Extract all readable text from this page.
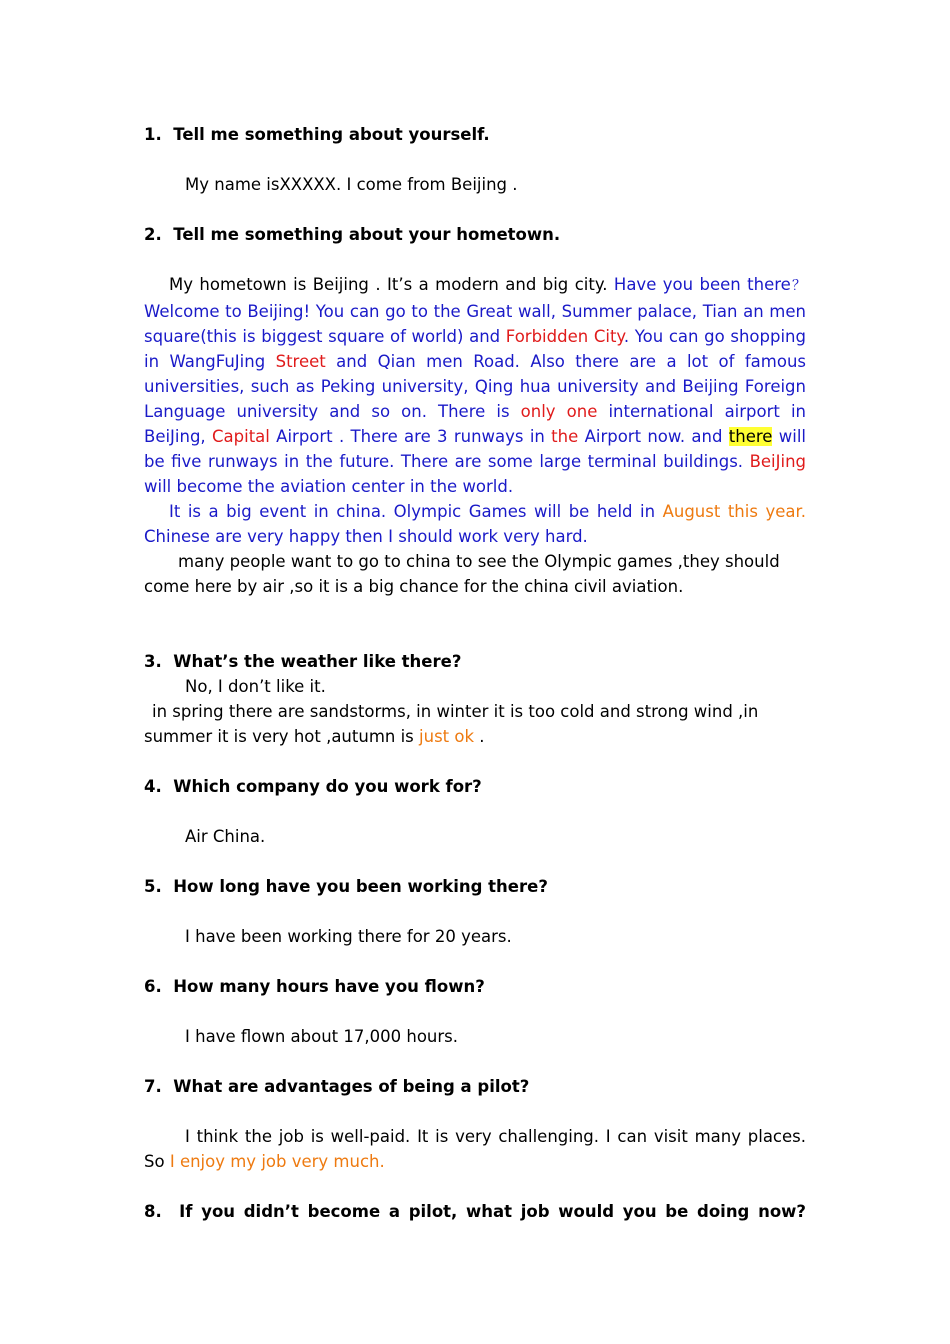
1. Tell me something about yourself.

My name isXXXXX. I come from Beijing .

2. Tell me something about your hometown.

My hometown is Beijing . It’s a modern and big city. Have you been there？Welcome to Beijing! You can go to the Great wall, Summer palace, Tian an men square(this is biggest square of world) and Forbidden City. You can go shopping in WangFuJing Street and Qian men Road. Also there are a lot of famous universities, such as Peking university, Qing hua university and Beijing Foreign Language university and so on. There is only one international airport in BeiJing, Capital Airport . There are 3 runways in the Airport now. and there will be five runways in the future. There are some large terminal buildings. BeiJing will become the aviation center in the world.

It is a big event in china. Olympic Games will be held in August this year. Chinese are very happy then I should work very hard.

many people want to go to china to see the Olympic games ,they should come here by air ,so it is a big chance for the china civil aviation.

3. What’s the weather like there?

No, I don’t like it.

in spring there are sandstorms, in winter it is too cold and strong wind ,in summer it is very hot ,autumn is just ok .

4. Which company do you work for?

Air China.

5. How long have you been working there?

I have been working there for 20 years.

6. How many hours have you flown?

I have flown about 17,000 hours.

7. What are advantages of being a pilot?

I think the job is well-paid. It is very challenging. I can visit many places. So I enjoy my job very much.

8. If you didn’t become a pilot, what job would you be doing now?
